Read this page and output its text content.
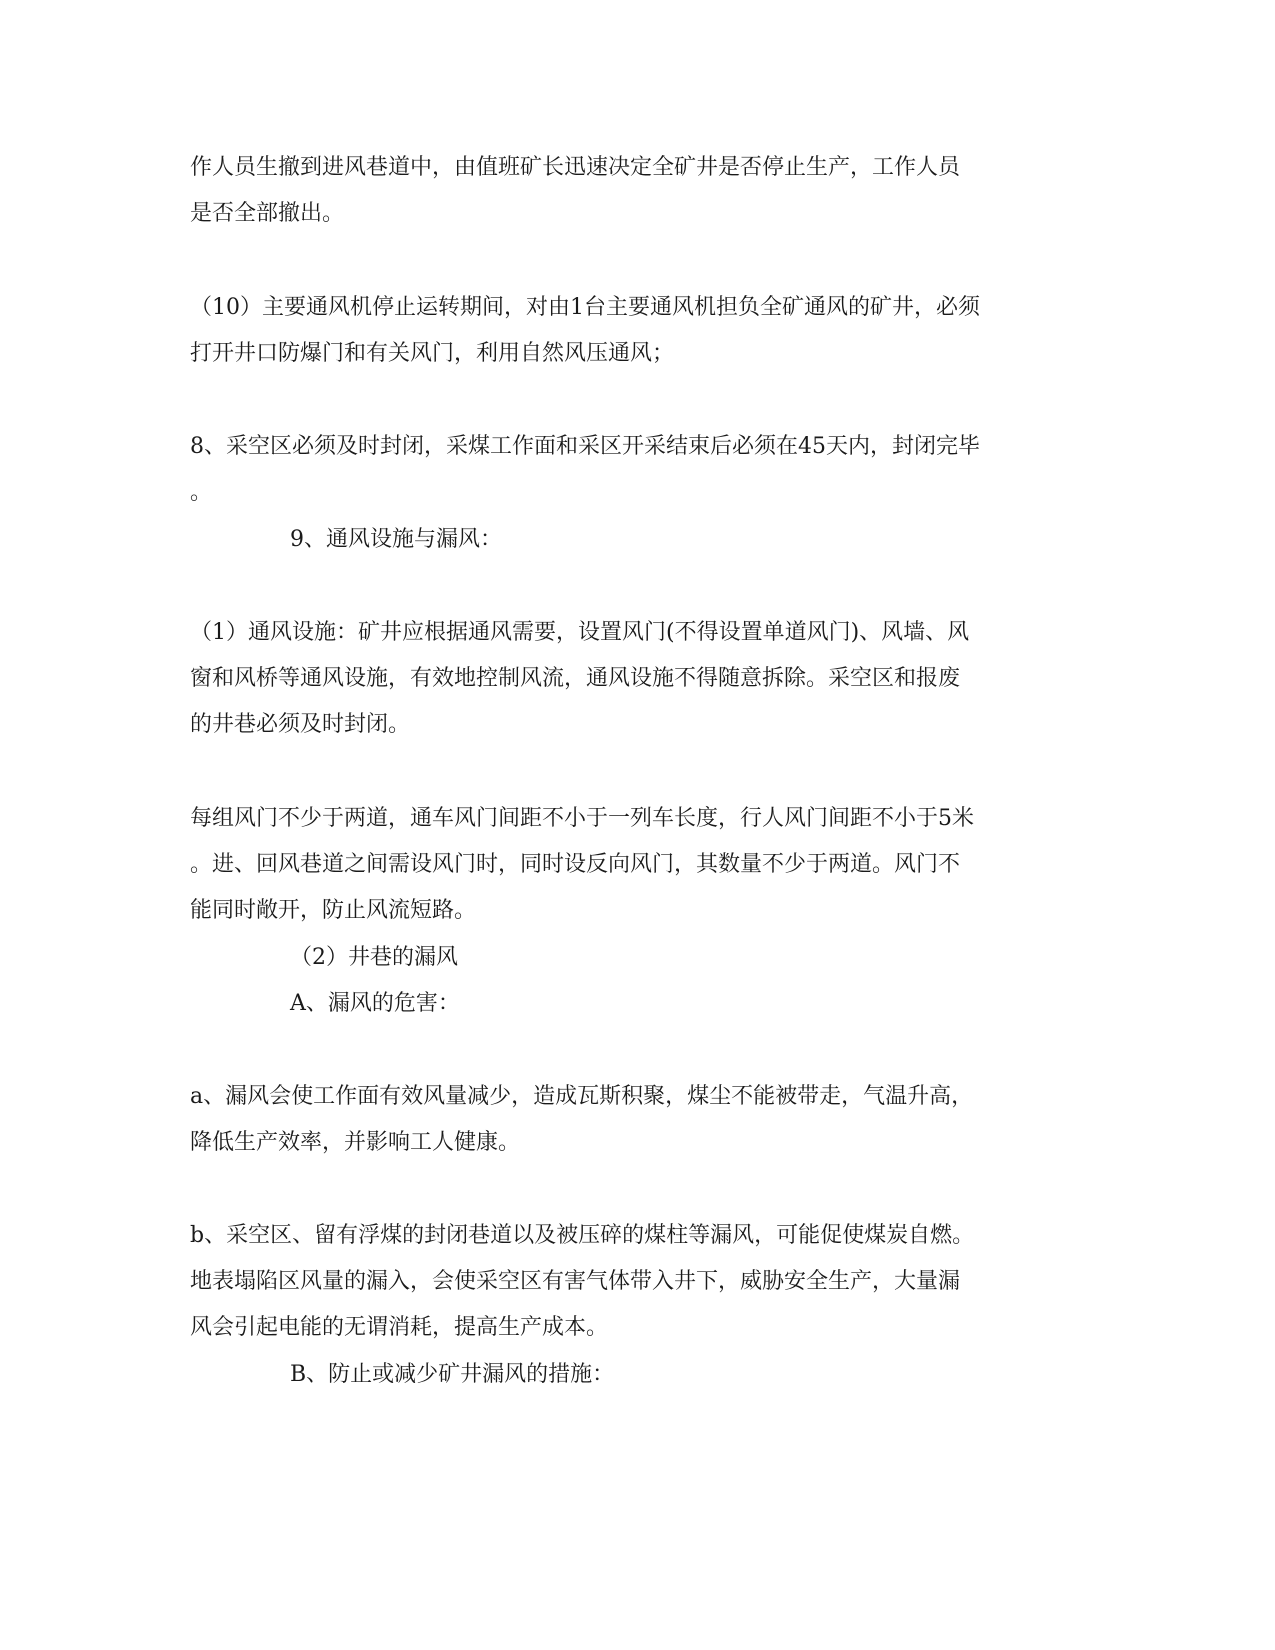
作人员生撤到进风巷道中，由值班矿长迅速决定全矿井是否停止生产，工作人员
是否全部撤出。

（10）主要通风机停止运转期间，对由1台主要通风机担负全矿通风的矿井，必须
打开井口防爆门和有关风门，利用自然风压通风；

8、采空区必须及时封闭，采煤工作面和采区开采结束后必须在45天内，封闭完毕
。

9、通风设施与漏风：

（1）通风设施：矿井应根据通风需要，设置风门(不得设置单道风门)、风墙、风
窗和风桥等通风设施，有效地控制风流，通风设施不得随意拆除。采空区和报废
的井巷必须及时封闭。

每组风门不少于两道，通车风门间距不小于一列车长度，行人风门间距不小于5米
。进、回风巷道之间需设风门时，同时设反向风门，其数量不少于两道。风门不
能同时敞开，防止风流短路。

（2）井巷的漏风

A、漏风的危害：

a、漏风会使工作面有效风量减少，造成瓦斯积聚，煤尘不能被带走，气温升高，
降低生产效率，并影响工人健康。

b、采空区、留有浮煤的封闭巷道以及被压碎的煤柱等漏风，可能促使煤炭自燃。
地表塌陷区风量的漏入，会使采空区有害气体带入井下，威胁安全生产，大量漏
风会引起电能的无谓消耗，提高生产成本。

B、防止或减少矿井漏风的措施：
